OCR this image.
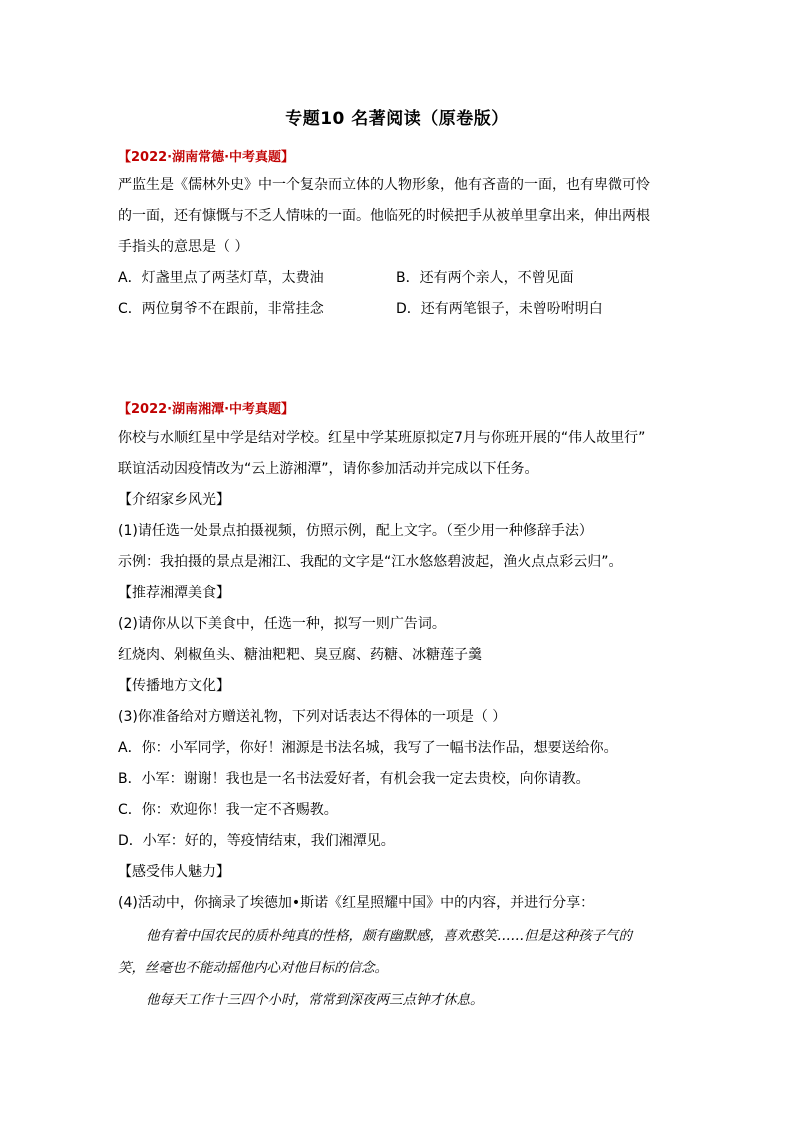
专题10 名著阅读（原卷版）
【2022·湖南常德·中考真题】
严监生是《儒林外史》中一个复杂而立体的人物形象，他有吝啬的一面，也有卑微可怜
的一面，还有慷慨与不乏人情味的一面。他临死的时候把手从被单里拿出来，伸出两根
手指头的意思是（ ）
A．灯盏里点了两茎灯草，太费油	B．还有两个亲人，不曾见面
C．两位舅爷不在跟前，非常挂念	D．还有两笔银子，未曾吩咐明白
【2022·湖南湘潭·中考真题】
你校与水顺红星中学是结对学校。红星中学某班原拟定7月与你班开展的“伟人故里行”
联谊活动因疫情改为“云上游湘潭”，请你参加活动并完成以下任务。
【介绍家乡风光】
(1)请任选一处景点拍摄视频，仿照示例，配上文字。（至少用一种修辞手法）
示例：我拍摄的景点是湘江、我配的文字是“江水悠悠碧波起，渔火点点彩云归”。
【推荐湘潭美食】
(2)请你从以下美食中，任选一种，拟写一则广告词。
红烧肉、剁椒鱼头、糖油粑粑、臭豆腐、药糖、冰糖莲子羹
【传播地方文化】
(3)你准备给对方赠送礼物，下列对话表达不得体的一项是（ ）
A．你：小军同学，你好！湘源是书法名城，我写了一幅书法作品，想要送给你。
B．小军：谢谢！我也是一名书法爱好者，有机会我一定去贵校，向你请教。
C．你：欢迎你！我一定不吝赐教。
D．小军：好的，等疫情结束，我们湘潭见。
【感受伟人魅力】
(4)活动中，你摘录了埃德加•斯诺《红星照耀中国》中的内容，并进行分享：
他有着中国农民的质朴纯真的性格，颇有幽默感，喜欢憨笑……但是这种孩子气的
笑，丝毫也不能动摇他内心对他目标的信念。
他每天工作十三四个小时，常常到深夜两三点钟才休息。
